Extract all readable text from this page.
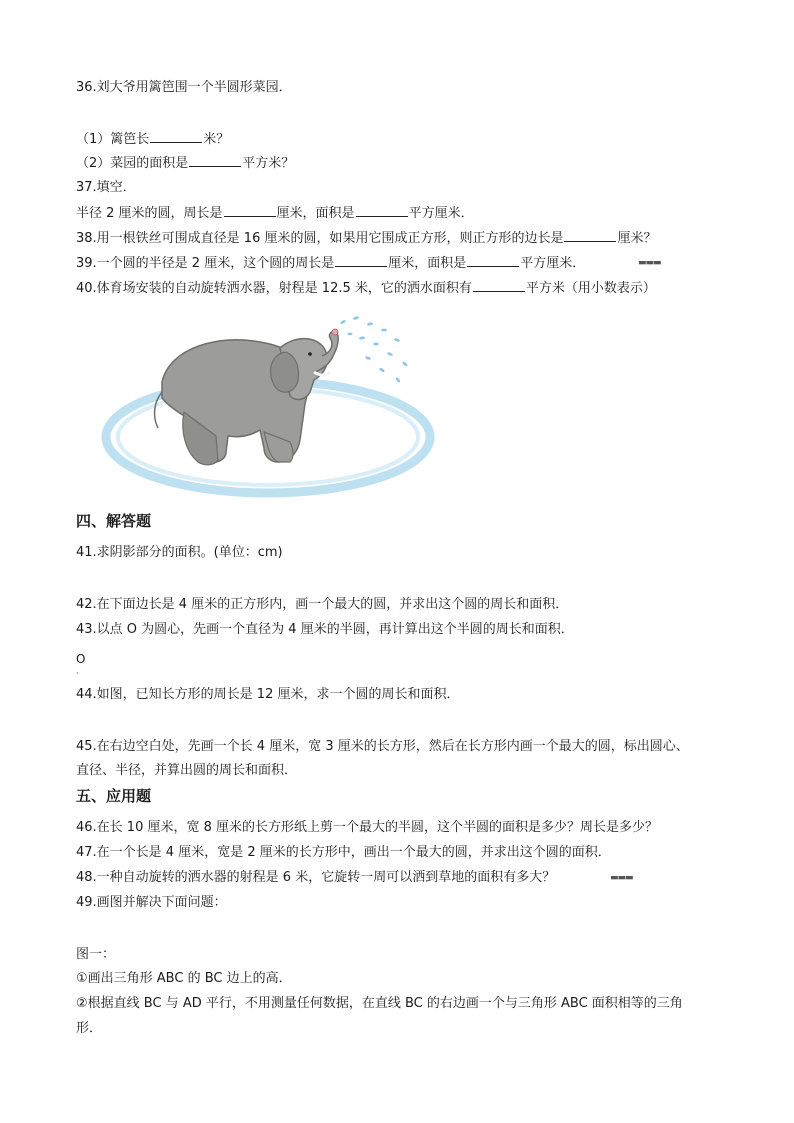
36.刘大爷用篱笆围一个半圆形菜园．
（1）篱笆长	米？
（2）菜园的面积是	平方米？
37.填空．
半径 2 厘米的圆，周长是	厘米，面积是	平方厘米．
38.用一根铁丝可围成直径是 16 厘米的圆，如果用它围成正方形，则正方形的边长是	厘米？
39.一个圆的半径是 2 厘米，这个圆的周长是	厘米，面积是	平方厘米．	▬▬▬
40.体育场安装的自动旋转洒水器，射程是 12.5 米，它的洒水面积有	平方米（用小数表示）
四、解答题
41.求阴影部分的面积。(单位：cm)
42.在下面边长是 4 厘米的正方形内，画一个最大的圆，并求出这个圆的周长和面积．
43.以点 O 为圆心，先画一个直径为 4 厘米的半圆，再计算出这个半圆的周长和面积．
O
·
44.如图，已知长方形的周长是 12 厘米，求一个圆的周长和面积．
45.在右边空白处，先画一个长 4 厘米，宽 3 厘米的长方形，然后在长方形内画一个最大的圆，标出圆心、
直径、半径，并算出圆的周长和面积．
五、应用题
46.在长 10 厘米，宽 8 厘米的长方形纸上剪一个最大的半圆，这个半圆的面积是多少？周长是多少？
47.在一个长是 4 厘米，宽是 2 厘米的长方形中，画出一个最大的圆，并求出这个圆的面积．
48.一种自动旋转的洒水器的射程是 6 米，它旋转一周可以洒到草地的面积有多大？	▬▬▬
49.画图并解决下面问题：
图一：
①画出三角形 ABC 的 BC 边上的高．
②根据直线 BC 与 AD 平行，不用测量任何数据，在直线 BC 的右边画一个与三角形 ABC 面积相等的三角
形．
